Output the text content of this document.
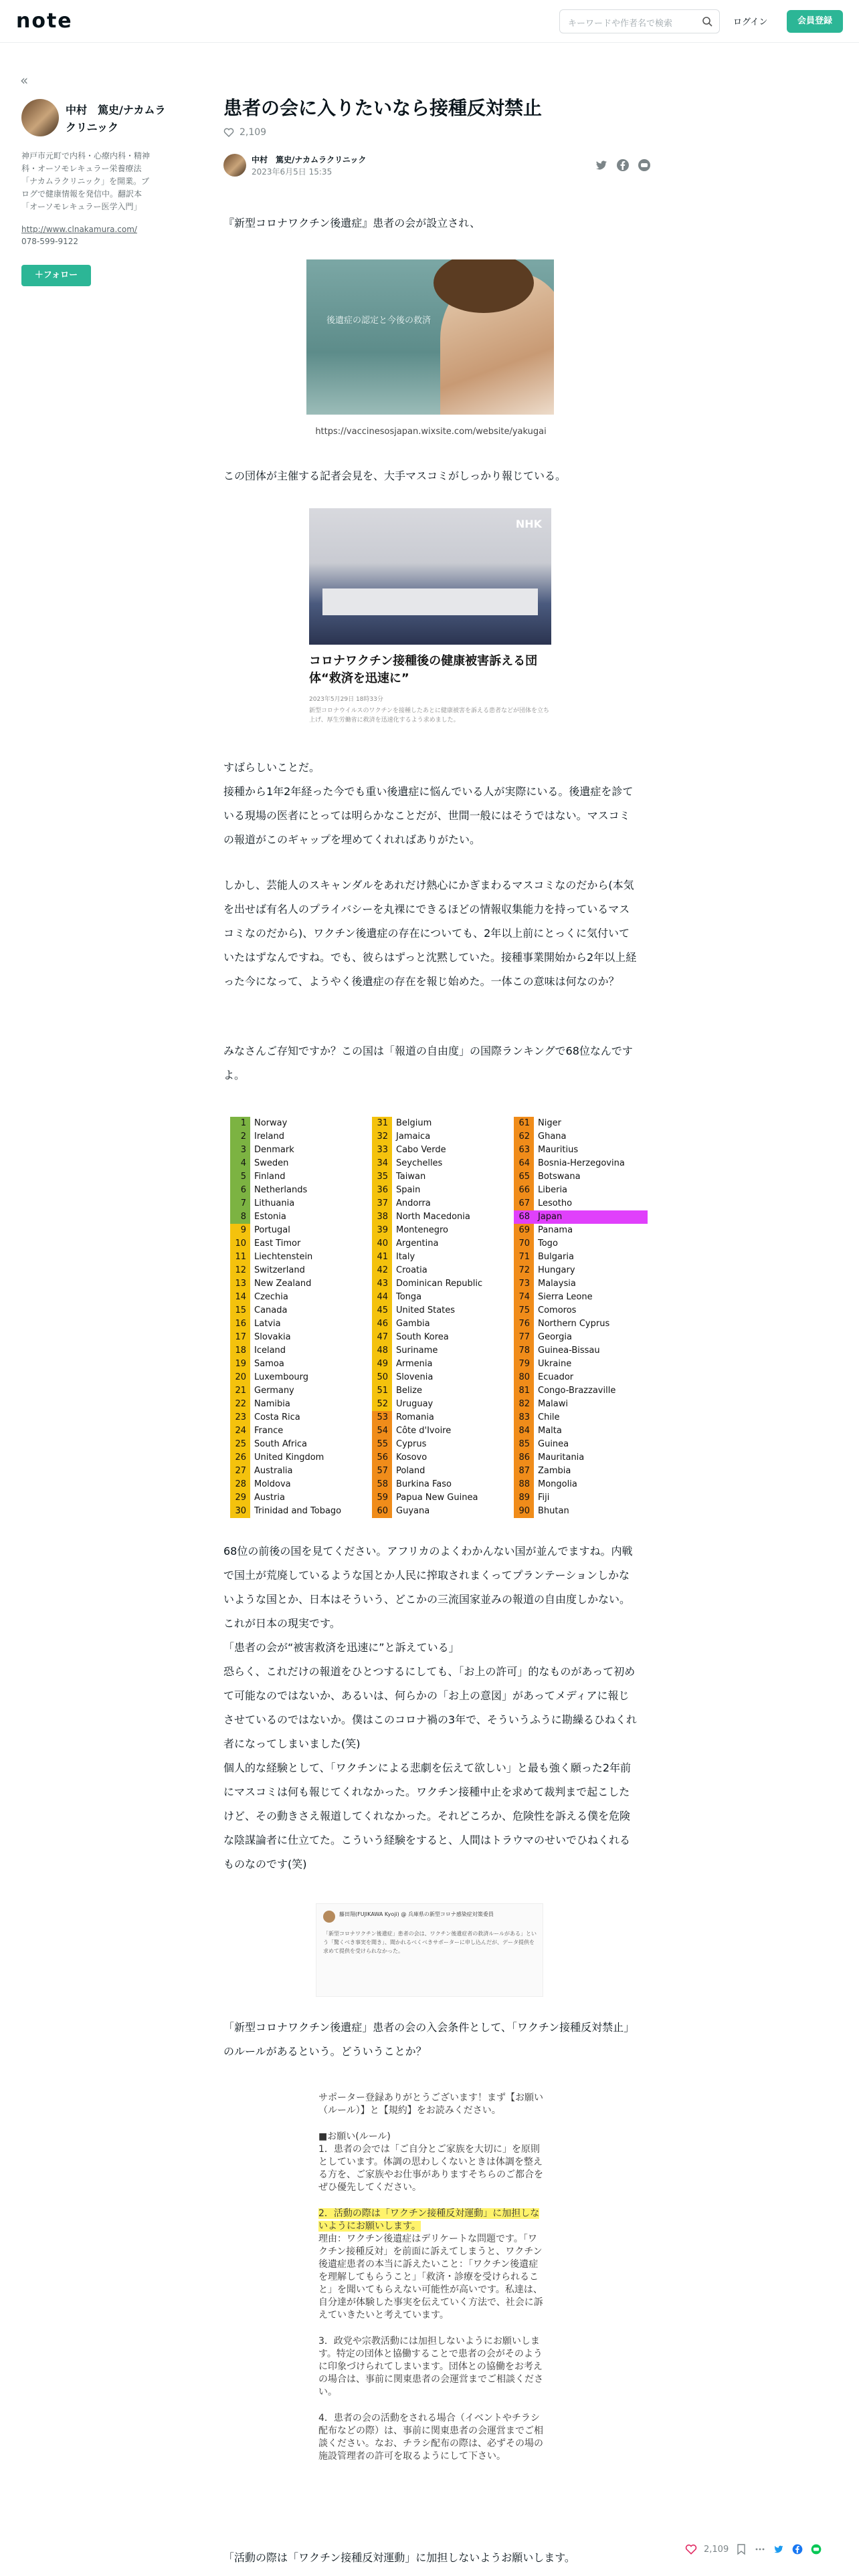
note	キーワードや作者名で検索	ログイン	会員登録
«
中村　篤史/ナカムラクリニック
神戸市元町で内科・心療内科・精神科・オーソモレキュラー栄養療法「ナカムラクリニック」を開業。ブログで健康情報を発信中。翻訳本「オーソモレキュラー医学入門」
http://www.clnakamura.com/
078-599-9122
＋フォロー
患者の会に入りたいなら接種反対禁止
2,109
中村　篤史/ナカムラクリニック
2023年6月5日 15:35

『新型コロナワクチン後遺症』患者の会が設立され、

後遺症の認定と今後の救済
https://vaccinesosjapan.wixsite.com/website/yakugai

この団体が主催する記者会見を、大手マスコミがしっかり報じている。

NHK
コロナワクチン接種後の健康被害訴える団体“救済を迅速に”
2023年5月29日 18時33分
新型コロナウイルスのワクチンを接種したあとに健康被害を訴える患者などが団体を立ち上げ、厚生労働省に救済を迅速化するよう求めました。

すばらしいことだ。

接種から1年2年経った今でも重い後遺症に悩んでいる人が実際にいる。後遺症を診ている現場の医者にとっては明らかなことだが、世間一般にはそうではない。マスコミの報道がこのギャップを埋めてくれればありがたい。

しかし、芸能人のスキャンダルをあれだけ熱心にかぎまわるマスコミなのだから(本気を出せば有名人のプライバシーを丸裸にできるほどの情報収集能力を持っているマスコミなのだから)、ワクチン後遺症の存在についても、2年以上前にとっくに気付いていたはずなんですね。でも、彼らはずっと沈黙していた。接種事業開始から2年以上経った今になって、ようやく後遺症の存在を報じ始めた。一体この意味は何なのか？

みなさんご存知ですか？この国は「報道の自由度」の国際ランキングで68位なんですよ。

1 Norway
2 Ireland
3 Denmark
4 Sweden
5 Finland
6 Netherlands
7 Lithuania
8 Estonia
9 Portugal
10 East Timor
11 Liechtenstein
12 Switzerland
13 New Zealand
14 Czechia
15 Canada
16 Latvia
17 Slovakia
18 Iceland
19 Samoa
20 Luxembourg
21 Germany
22 Namibia
23 Costa Rica
24 France
25 South Africa
26 United Kingdom
27 Australia
28 Moldova
29 Austria
30 Trinidad and Tobago
31 Belgium
32 Jamaica
33 Cabo Verde
34 Seychelles
35 Taiwan
36 Spain
37 Andorra
38 North Macedonia
39 Montenegro
40 Argentina
41 Italy
42 Croatia
43 Dominican Republic
44 Tonga
45 United States
46 Gambia
47 South Korea
48 Suriname
49 Armenia
50 Slovenia
51 Belize
52 Uruguay
53 Romania
54 Côte d'Ivoire
55 Cyprus
56 Kosovo
57 Poland
58 Burkina Faso
59 Papua New Guinea
60 Guyana
61 Niger
62 Ghana
63 Mauritius
64 Bosnia-Herzegovina
65 Botswana
66 Liberia
67 Lesotho
68 Japan
69 Panama
70 Togo
71 Bulgaria
72 Hungary
73 Malaysia
74 Sierra Leone
75 Comoros
76 Northern Cyprus
77 Georgia
78 Guinea-Bissau
79 Ukraine
80 Ecuador
81 Congo-Brazzaville
82 Malawi
83 Chile
84 Malta
85 Guinea
86 Mauritania
87 Zambia
88 Mongolia
89 Fiji
90 Bhutan

68位の前後の国を見てください。アフリカのよくわかんない国が並んでますね。内戦で国土が荒廃しているような国とか人民に搾取されまくってプランテーションしかないような国とか、日本はそういう、どこかの三流国家並みの報道の自由度しかない。これが日本の現実です。

「患者の会が“被害救済を迅速に”と訴えている」

恐らく、これだけの報道をひとつするにしても、「お上の許可」的なものがあって初めて可能なのではないか、あるいは、何らかの「お上の意図」があってメディアに報じさせているのではないか。僕はこのコロナ禍の3年で、そういうふうに勘繰るひねくれ者になってしまいました(笑)

個人的な経験として、「ワクチンによる悲劇を伝えて欲しい」と最も強く願った2年前にマスコミは何も報じてくれなかった。ワクチン接種中止を求めて裁判まで起こしたけど、その動きさえ報道してくれなかった。それどころか、危険性を訴える僕を危険な陰謀論者に仕立てた。こういう経験をすると、人間はトラウマのせいでひねくれるものなのです(笑)

藤田翔(FUJIKAWA Kyoji) @ 兵庫県の新型コロナ感染症対策委員
「新型コロナワクチン後遺症」患者の会は、ワクチン後遺症者の救済ルールがある」という「驚くべき事実を聞き」、聞かれるべくべきサポーターに申し込んだが、データ提供を求めて提供を受けられなかった。

「新型コロナワクチン後遺症」患者の会の入会条件として、「ワクチン接種反対禁止」のルールがあるという。どういうことか？

サポーター登録ありがとうございます！まず【お願い（ルール）】と【規約】をお読みください。

■お願い(ルール)

1．患者の会では「ご自分とご家族を大切に」を原則としています。体調の思わしくないときは体調を整える方を、ご家族やお仕事がありますそちらのご都合をぜひ優先してください。

2．活動の際は「ワクチン接種反対運動」に加担しないようにお願いします。

理由：ワクチン後遺症はデリケートな問題です。「ワクチン接種反対」を前面に訴えてしまうと、ワクチン後遺症患者の本当に訴えたいこと：「ワクチン後遺症を理解してもらうこと」「救済・診療を受けられること」を聞いてもらえない可能性が高いです。私達は、自分達が体験した事実を伝えていく方法で、社会に訴えていきたいと考えています。

3．政党や宗教活動には加担しないようにお願いします。特定の団体と協働することで患者の会がそのように印象づけられてしまいます。団体との協働をお考えの場合は、事前に関東患者の会運営までご相談ください。

4．患者の会の活動をされる場合（イベントやチラシ配布などの際）は、事前に関東患者の会運営までご相談ください。なお、チラシ配布の際は、必ずその場の施設管理者の許可を取るようにして下さい。

「活動の際は「ワクチン接種反対運動」に加担しないようお願いします。

2,109
